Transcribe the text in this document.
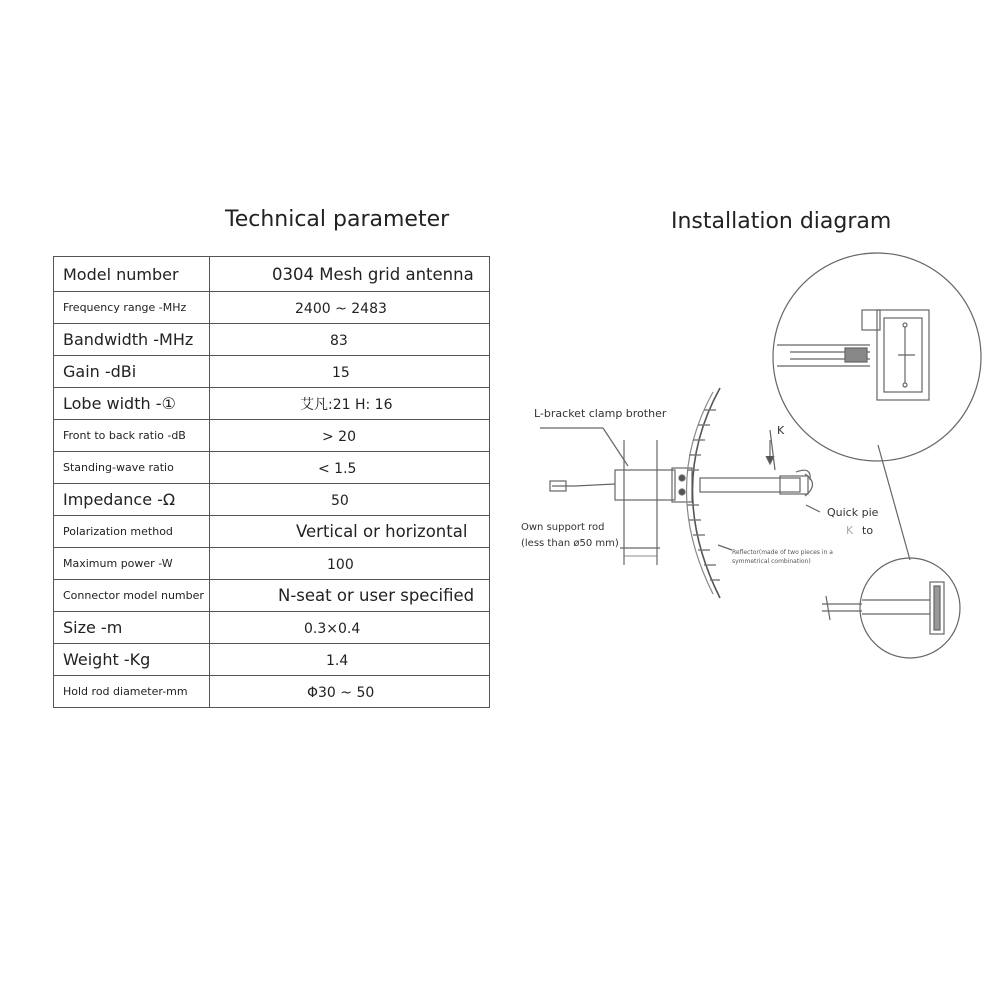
Technical parameter	Installation diagram
Model number	0304 Mesh grid antenna
Frequency range -MHz	2400 ~ 2483
Bandwidth -MHz	83
Gain -dBi	15
Lobe width -①	艾凡:21 H: 16
Front to back ratio -dB	> 20
Standing-wave ratio	< 1.5
Impedance -Ω	50
Polarization method	Vertical or horizontal
Maximum power -W	100
Connector model number	N-seat or user specified
Size -m	0.3×0.4
Weight -Kg	1.4
Hold rod diameter-mm	Φ30 ~ 50
L-bracket clamp brother
K
Quick pie
K to
Own support rod
(less than ø50 mm)
Reflector(made of two pieces in a
symmetrical combination)
